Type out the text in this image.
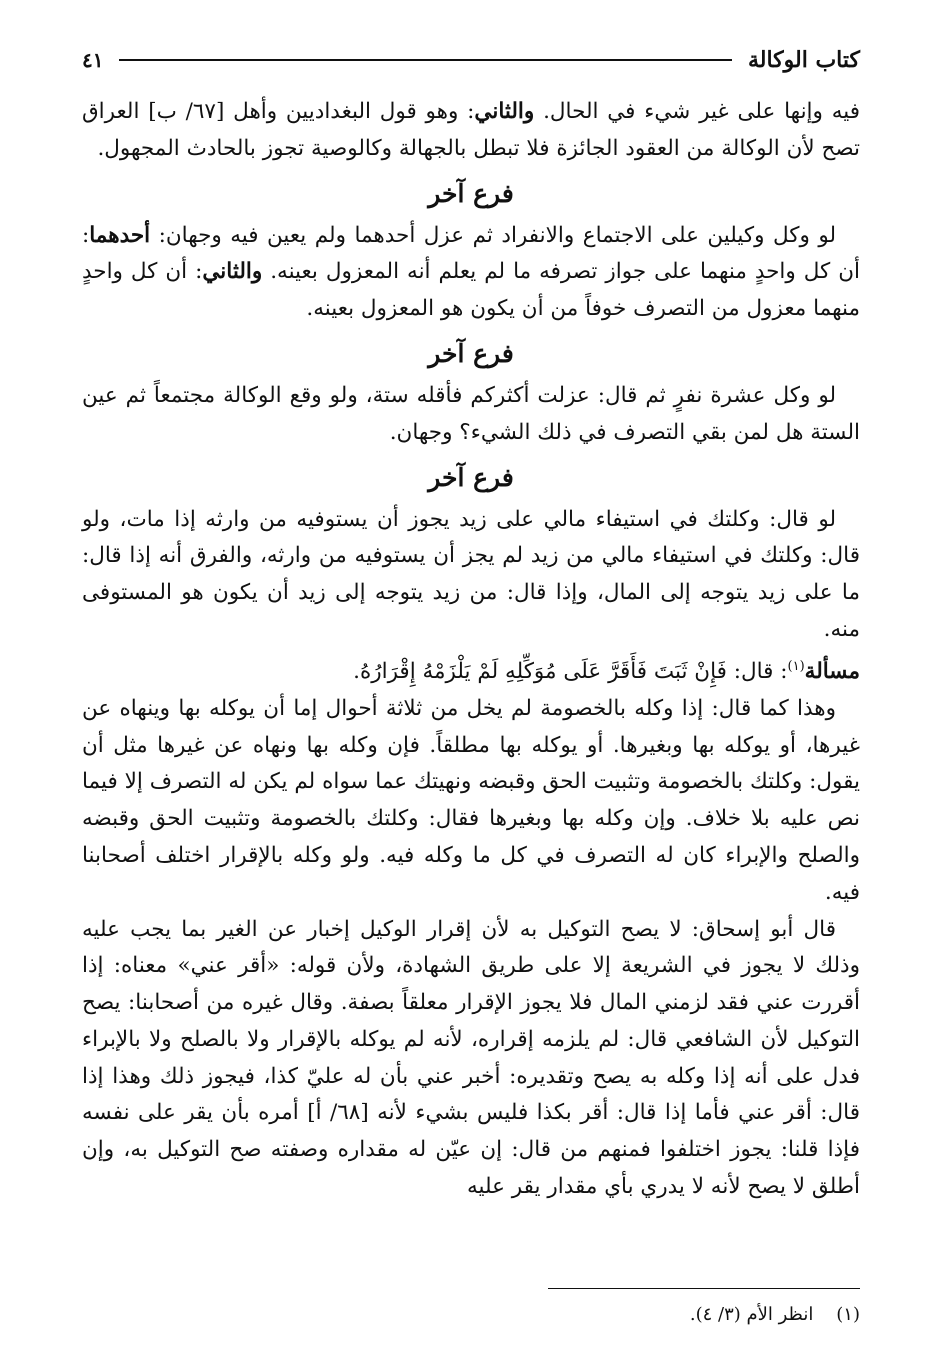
كتاب الوكالة
٤١

فيه وإنها على غير شيء في الحال. والثاني: وهو قول البغداديين وأهل [٦٧/ ب] العراق تصح لأن الوكالة من العقود الجائزة فلا تبطل بالجهالة وكالوصية تجوز بالحادث المجهول.

فرع آخر

لو وكل وكيلين على الاجتماع والانفراد ثم عزل أحدهما ولم يعين فيه وجهان: أحدهما: أن كل واحدٍ منهما على جواز تصرفه ما لم يعلم أنه المعزول بعينه. والثاني: أن كل واحدٍ منهما معزول من التصرف خوفاً من أن يكون هو المعزول بعينه.

فرع آخر

لو وكل عشرة نفرٍ ثم قال: عزلت أكثركم فأقله ستة، ولو وقع الوكالة مجتمعاً ثم عين الستة هل لمن بقي التصرف في ذلك الشيء؟ وجهان.

فرع آخر

لو قال: وكلتك في استيفاء مالي على زيد يجوز أن يستوفيه من وارثه إذا مات، ولو قال: وكلتك في استيفاء مالي من زيد لم يجز أن يستوفيه من وارثه، والفرق أنه إذا قال: ما على زيد يتوجه إلى المال، وإذا قال: من زيد يتوجه إلى زيد أن يكون هو المستوفى منه.

مسألة$^{(١)}$: قال: فَإِنْ ثَبَتَ فَأَقَرَّ عَلَى مُوَكِّلِهِ لَمْ يَلْزَمْهُ إِقْرَارُهُ.

وهذا كما قال: إذا وكله بالخصومة لم يخل من ثلاثة أحوال إما أن يوكله بها وينهاه عن غيرها، أو يوكله بها وبغيرها. أو يوكله بها مطلقاً. فإن وكله بها ونهاه عن غيرها مثل أن يقول: وكلتك بالخصومة وتثبيت الحق وقبضه ونهيتك عما سواه لم يكن له التصرف إلا فيما نص عليه بلا خلاف. وإن وكله بها وبغيرها فقال: وكلتك بالخصومة وتثبيت الحق وقبضه والصلح والإبراء كان له التصرف في كل ما وكله فيه. ولو وكله بالإقرار اختلف أصحابنا فيه.

قال أبو إسحاق: لا يصح التوكيل به لأن إقرار الوكيل إخبار عن الغير بما يجب عليه وذلك لا يجوز في الشريعة إلا على طريق الشهادة، ولأن قوله: «أقر عني» معناه: إذا أقررت عني فقد لزمني المال فلا يجوز الإقرار معلقاً بصفة. وقال غيره من أصحابنا: يصح التوكيل لأن الشافعي قال: لم يلزمه إقراره، لأنه لم يوكله بالإقرار ولا بالصلح ولا بالإبراء فدل على أنه إذا وكله به يصح وتقديره: أخبر عني بأن له عليّ كذا، فيجوز ذلك وهذا إذا قال: أقر عني فأما إذا قال: أقر بكذا فليس بشيء لأنه [٦٨/ أ] أمره بأن يقر على نفسه فإذا قلنا: يجوز اختلفوا فمنهم من قال: إن عيّن له مقداره وصفته صح التوكيل به، وإن أطلق لا يصح لأنه لا يدري بأي مقدار يقر عليه

(١)    انظر الأم (٣/ ٤).
